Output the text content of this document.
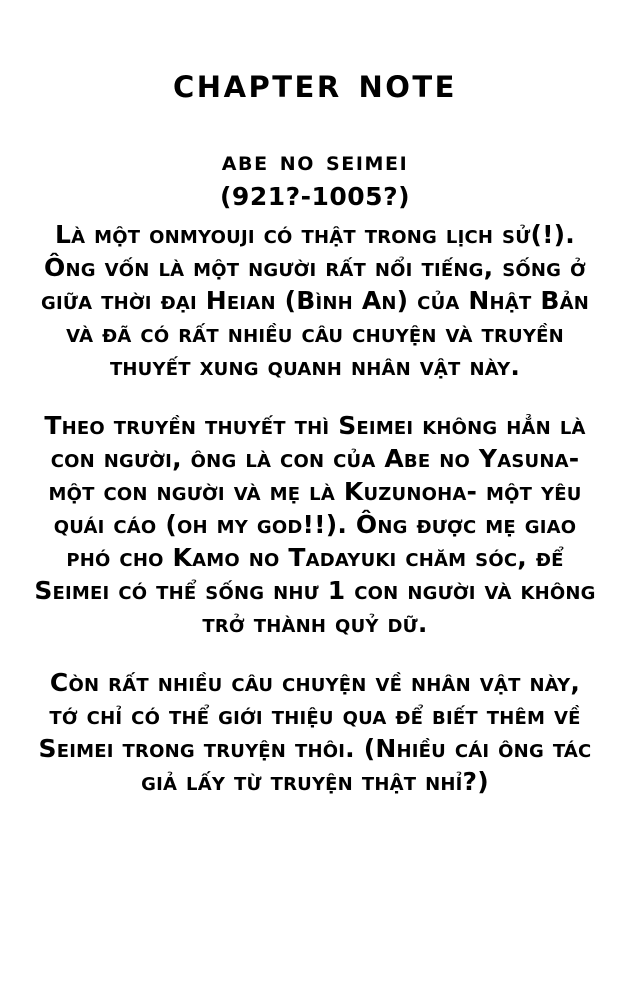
chapter note
abe no seimei
(921?-1005?)

Là một onmyouji có thật trong lịch sử(!). Ông vốn là một người rất nổi tiếng, sống ở giữa thời đại Heian (Bình An) của Nhật Bản và đã có rất nhiều câu chuyện và truyền thuyết xung quanh nhân vật này.

Theo truyền thuyết thì Seimei không hẳn là con người, ông là con của Abe no Yasuna-một con người và mẹ là Kuzunoha- một yêu quái cáo (oh my god!!). Ông được mẹ giao phó cho Kamo no Tadayuki chăm sóc, để Seimei có thể sống như 1 con người và không trở thành quỷ dữ.

Còn rất nhiều câu chuyện về nhân vật này, tớ chỉ có thể giới thiệu qua để biết thêm về Seimei trong truyện thôi. (Nhiều cái ông tác giả lấy từ truyện thật nhỉ?)
